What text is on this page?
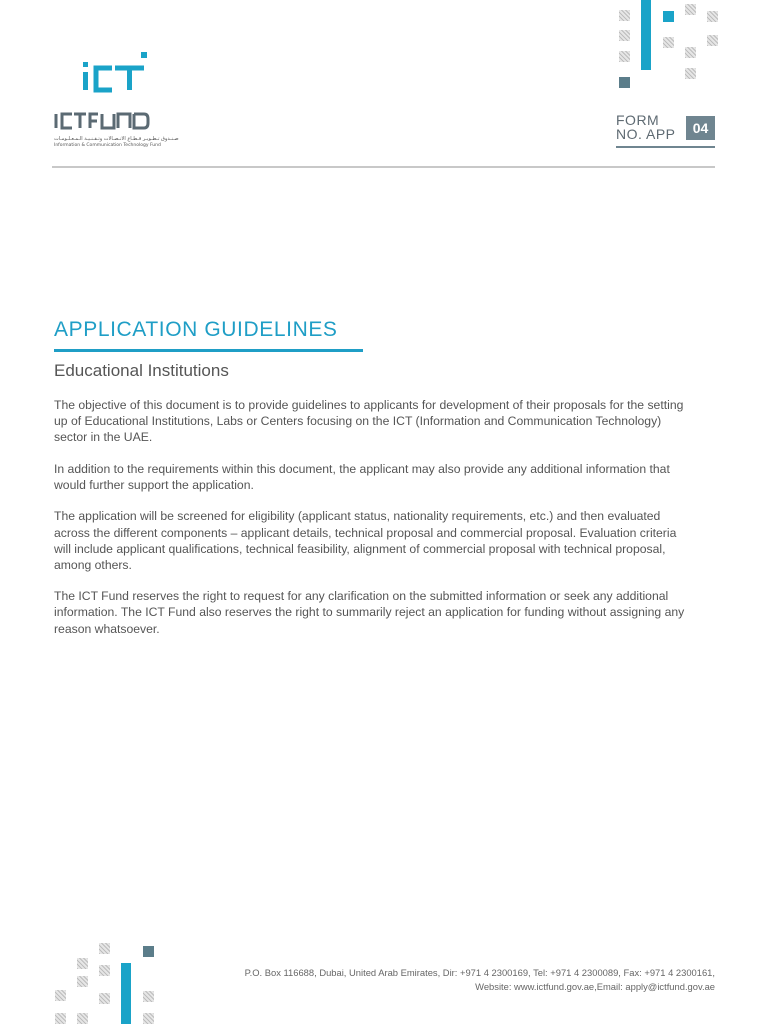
صـنـدوق تـطـويـر قـطـاع الاتـصـالات وتـقـنـيـة الـمـعـلـومـات
Information & Communication Technology Fund
FORM
NO. APP	04
APPLICATION GUIDELINES
Educational Institutions

The objective of this document is to provide guidelines to applicants for development of their proposals for the setting up of Educational Institutions, Labs or Centers focusing on the ICT (Information and Communication Technology) sector in the UAE.

In addition to the requirements within this document, the applicant may also provide any additional information that would further support the application.

The application will be screened for eligibility (applicant status, nationality requirements, etc.) and then evaluated across the different components – applicant details, technical proposal and commercial proposal. Evaluation criteria will include applicant qualifications, technical feasibility, alignment of commercial proposal with technical proposal, among others.

The ICT Fund reserves the right to request for any clarification on the submitted information or seek any additional information. The ICT Fund also reserves the right to summarily reject an application for funding without assigning any reason whatsoever.

P.O. Box 116688, Dubai, United Arab Emirates, Dir: +971 4 2300169, Tel: +971 4 2300089, Fax: +971 4 2300161,
Website: www.ictfund.gov.ae,Email: apply@ictfund.gov.ae
